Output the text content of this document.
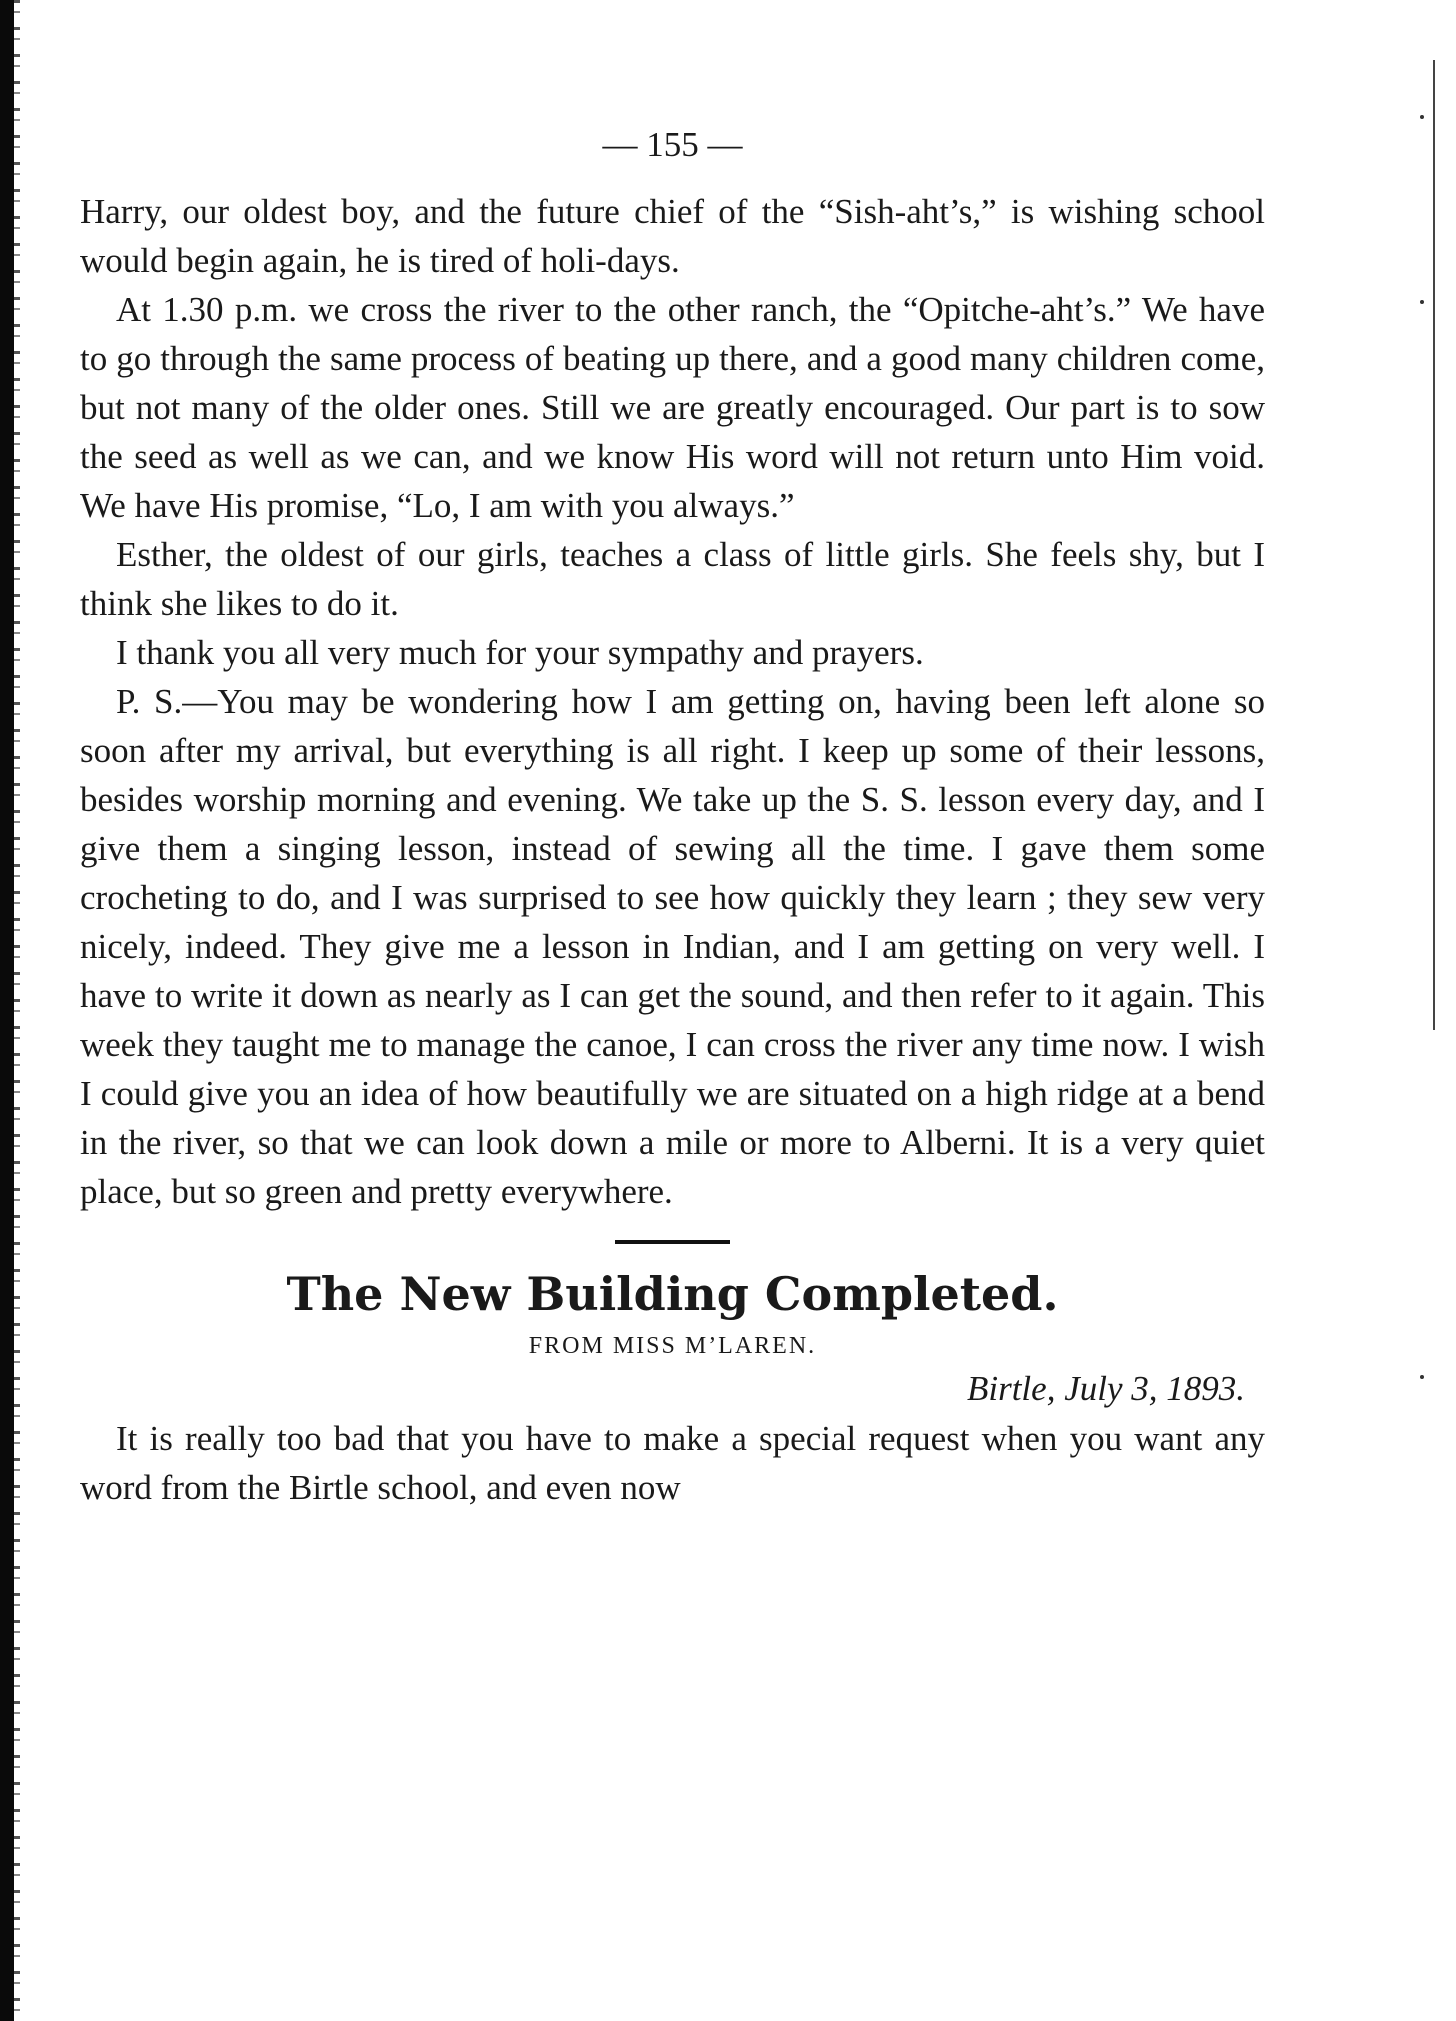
— 155 —

Harry, our oldest boy, and the future chief of the “Sish-aht’s,” is wishing school would begin again, he is tired of holi-days.

At 1.30 p.m. we cross the river to the other ranch, the “Opitche-aht’s.” We have to go through the same process of beating up there, and a good many children come, but not many of the older ones. Still we are greatly encouraged. Our part is to sow the seed as well as we can, and we know His word will not return unto Him void. We have His promise, “Lo, I am with you always.”

Esther, the oldest of our girls, teaches a class of little girls. She feels shy, but I think she likes to do it.

I thank you all very much for your sympathy and prayers.

P. S.—You may be wondering how I am getting on, having been left alone so soon after my arrival, but everything is all right. I keep up some of their lessons, besides worship morning and evening. We take up the S. S. lesson every day, and I give them a singing lesson, instead of sewing all the time. I gave them some crocheting to do, and I was surprised to see how quickly they learn ; they sew very nicely, indeed. They give me a lesson in Indian, and I am getting on very well. I have to write it down as nearly as I can get the sound, and then refer to it again. This week they taught me to manage the canoe, I can cross the river any time now. I wish I could give you an idea of how beautifully we are situated on a high ridge at a bend in the river, so that we can look down a mile or more to Alberni. It is a very quiet place, but so green and pretty everywhere.

The New Building Completed.

FROM MISS M’LAREN.

Birtle, July 3, 1893.

It is really too bad that you have to make a special request when you want any word from the Birtle school, and even now
